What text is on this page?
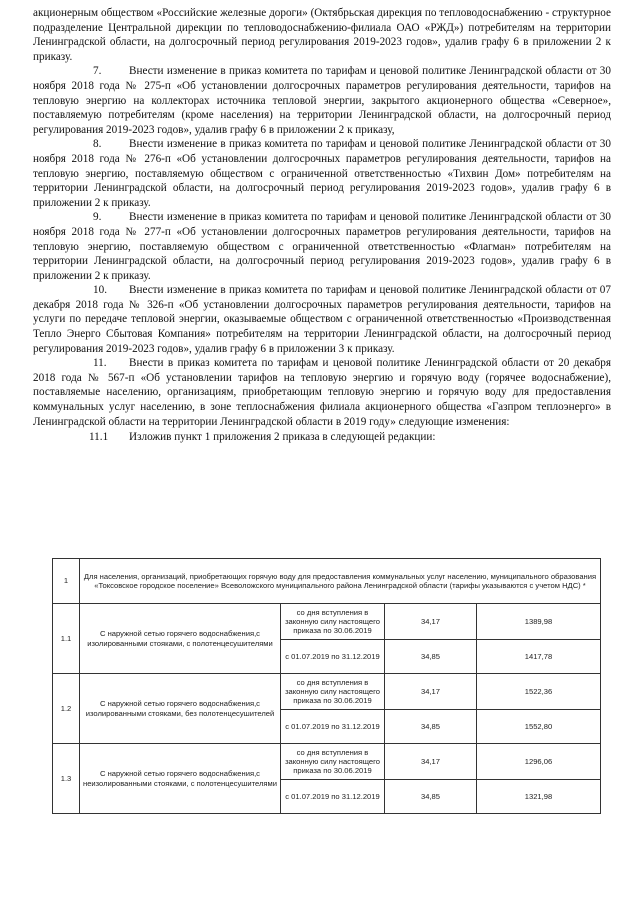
акционерным обществом «Российские железные дороги» (Октябрьская дирекция по тепловодоснабжению - структурное подразделение Центральной дирекции по тепловодоснабжению-филиала ОАО «РЖД») потребителям на территории Ленинградской области, на долгосрочный период регулирования 2019-2023 годов», удалив графу 6 в приложении 2 к приказу.

7. Внести изменение в приказ комитета по тарифам и ценовой политике Ленинградской области от 30 ноября 2018 года № 275-п «Об установлении долгосрочных параметров регулирования деятельности, тарифов на тепловую энергию на коллекторах источника тепловой энергии, закрытого акционерного общества «Северное», поставляемую потребителям (кроме населения) на территории Ленинградской области, на долгосрочный период регулирования 2019-2023 годов», удалив графу 6 в приложении 2 к приказу,

8. Внести изменение в приказ комитета по тарифам и ценовой политике Ленинградской области от 30 ноября 2018 года № 276-п «Об установлении долгосрочных параметров регулирования деятельности, тарифов на тепловую энергию, поставляемую обществом с ограниченной ответственностью «Тихвин Дом» потребителям на территории Ленинградской области, на долгосрочный период регулирования 2019-2023 годов», удалив графу 6 в приложении 2 к приказу.

9. Внести изменение в приказ комитета по тарифам и ценовой политике Ленинградской области от 30 ноября 2018 года № 277-п «Об установлении долгосрочных параметров регулирования деятельности, тарифов на тепловую энергию, поставляемую обществом с ограниченной ответственностью «Флагман» потребителям на территории Ленинградской области, на долгосрочный период регулирования 2019-2023 годов», удалив графу 6 в приложении 2 к приказу.

10. Внести изменение в приказ комитета по тарифам и ценовой политике Ленинградской области от 07 декабря 2018 года № 326-п «Об установлении долгосрочных параметров регулирования деятельности, тарифов на услуги по передаче тепловой энергии, оказываемые обществом с ограниченной ответственностью «Производственная Тепло Энерго Сбытовая Компания» потребителям на территории Ленинградской области, на долгосрочный период регулирования 2019-2023 годов», удалив графу 6 в приложении 3 к приказу.

11. Внести в приказ комитета по тарифам и ценовой политике Ленинградской области от 20 декабря 2018 года № 567-п «Об установлении тарифов на тепловую энергию и горячую воду (горячее водоснабжение), поставляемые населению, организациям, приобретающим тепловую энергию и горячую воду для предоставления коммунальных услуг населению, в зоне теплоснабжения филиала акционерного общества «Газпром теплоэнерго» в Ленинградской области на территории Ленинградской области в 2019 году» следующие изменения:

11.1 Изложив пункт 1 приложения 2 приказа в следующей редакции:

1	Для населения, организаций, приобретающих горячую воду для предоставления коммунальных услуг населению, муниципального образования «Токсовское городское поселение» Всеволожского муниципального района Ленинградской области (тарифы указываются с учетом НДС) *			
1.1	С наружной сетью горячего водоснабжения,с изолированными стояками, с полотенцесушителями	со дня вступления в законную силу настоящего приказа по 30.06.2019	34,17	1389,98
		с 01.07.2019 по 31.12.2019	34,85	1417,78
1.2	С наружной сетью горячего водоснабжения,с изолированными стояками, без полотенцесушителей	со дня вступления в законную силу настоящего приказа по 30.06.2019	34,17	1522,36
		с 01.07.2019 по 31.12.2019	34,85	1552,80
1.3	С наружной сетью горячего водоснабжения,с неизолированными стояками, с полотенцесушителями	со дня вступления в законную силу настоящего приказа по 30.06.2019	34,17	1296,06
		с 01.07.2019 по 31.12.2019	34,85	1321,98
